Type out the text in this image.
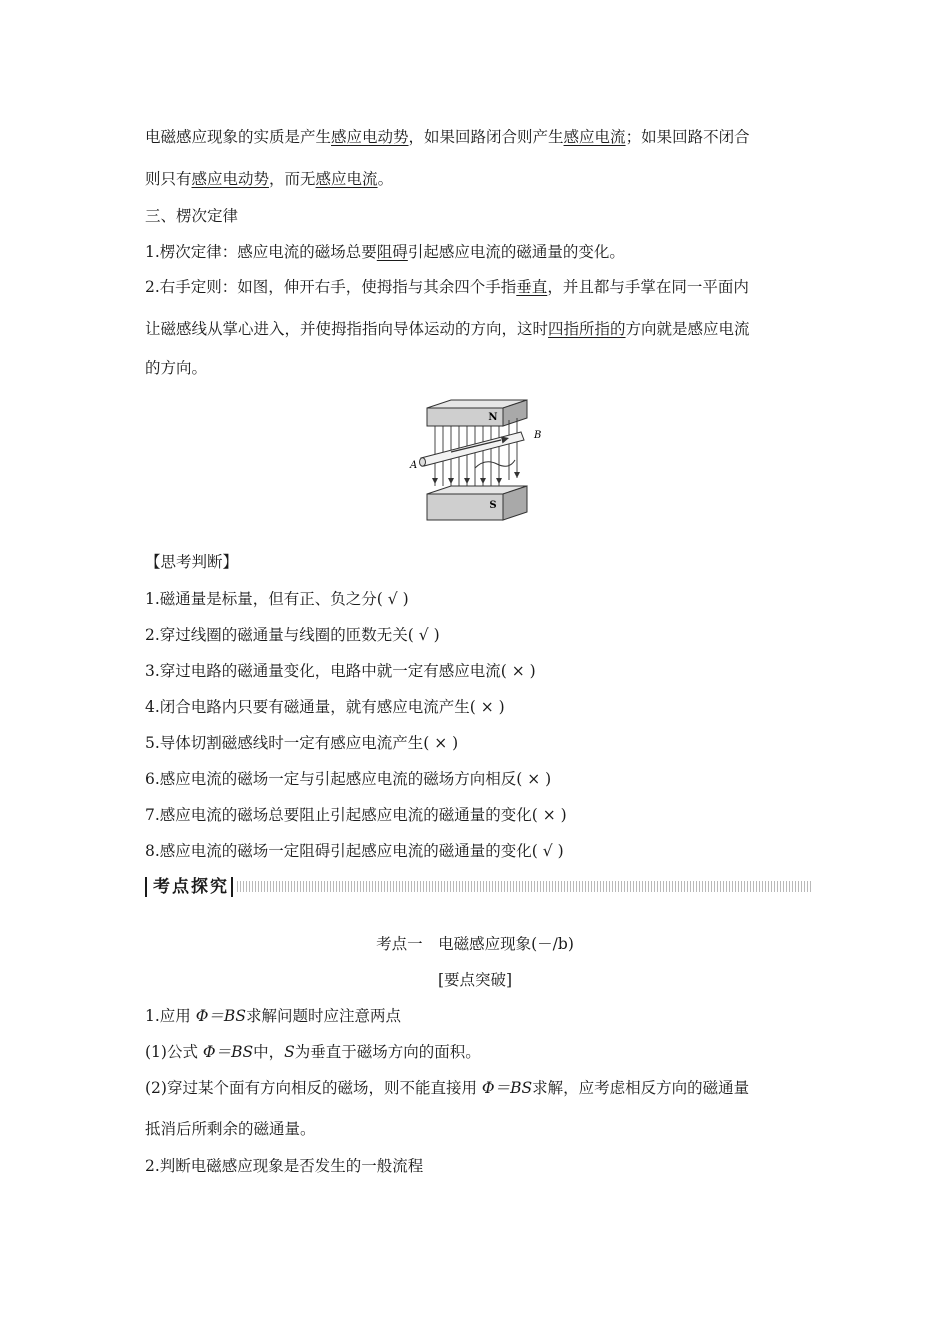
电磁感应现象的实质是产生感应电动势，如果回路闭合则产生感应电流；如果回路不闭合
则只有感应电动势，而无感应电流。
三、楞次定律
1.楞次定律：感应电流的磁场总要阻碍引起感应电流的磁通量的变化。
2.右手定则：如图，伸开右手，使拇指与其余四个手指垂直，并且都与手掌在同一平面内
让磁感线从掌心进入，并使拇指指向导体运动的方向，这时四指所指的方向就是感应电流
的方向。
N
S
A
B
【思考判断】
1.磁通量是标量，但有正、负之分( √ )
2.穿过线圈的磁通量与线圈的匝数无关( √ )
3.穿过电路的磁通量变化，电路中就一定有感应电流( × )
4.闭合电路内只要有磁通量，就有感应电流产生( × )
5.导体切割磁感线时一定有感应电流产生( × )
6.感应电流的磁场一定与引起感应电流的磁场方向相反( × )
7.感应电流的磁场总要阻止引起感应电流的磁通量的变化( × )
8.感应电流的磁场一定阻碍引起感应电流的磁通量的变化( √ )
考点探究
考点一　电磁感应现象(－/b)
[要点突破]
1.应用 Φ＝BS求解问题时应注意两点
(1)公式 Φ＝BS中，S为垂直于磁场方向的面积。
(2)穿过某个面有方向相反的磁场，则不能直接用 Φ＝BS求解，应考虑相反方向的磁通量
抵消后所剩余的磁通量。
2.判断电磁感应现象是否发生的一般流程
